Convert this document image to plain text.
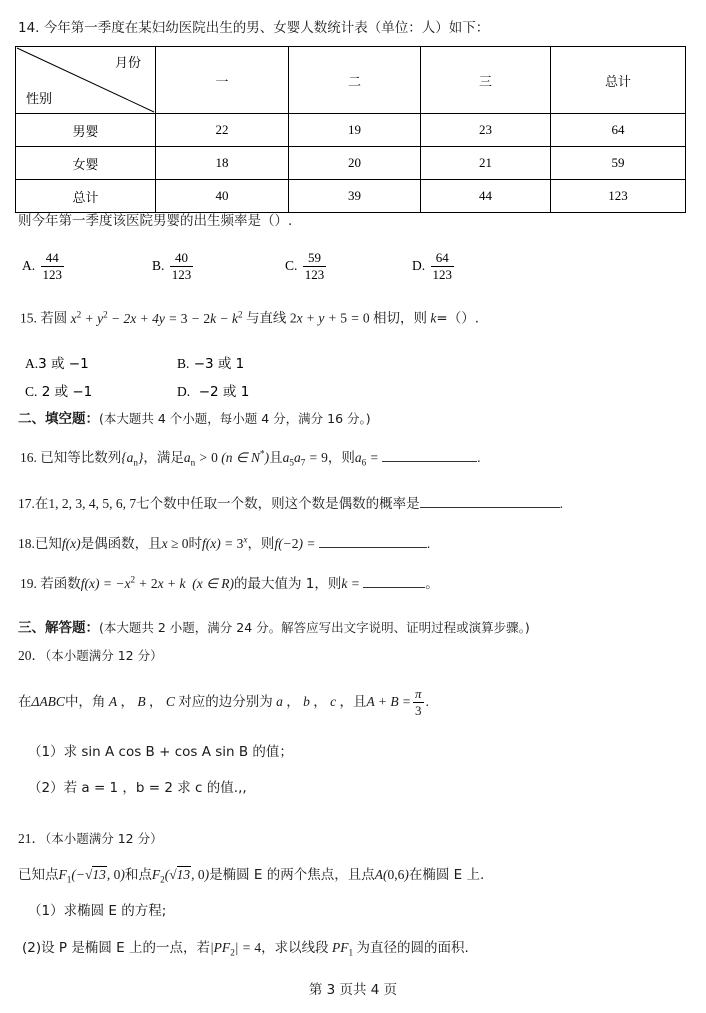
14. 今年第一季度在某妇幼医院出生的男、女婴人数统计表（单位：人）如下：
月份
性别	一	二	三	总计
男婴	22	19	23	64
女婴	18	20	21	59
总计	40	39	44	123
则今年第一季度该医院男婴的出生频率是（）.
A. $\frac{44}{123}$	B. $\frac{40}{123}$	C. $\frac{59}{123}$	D. $\frac{64}{123}$
15. 若圆 $x^2 + y^2 - 2x + 4y = 3 - 2k - k^2$ 与直线 2x + y + 5 = 0 相切，则 k=（）.
A.3 或 −1	B. −3 或 1
C. 2 或 −1	D. −2 或 1
二、填空题：(本大题共 4 个小题，每小题 4 分，满分 16 分。)
16. 已知等比数列$\{a_n\}$，满足$a_n > 0$ (n ∈ N*)且$a_5a_7 = 9$，则$a_6$ =	.
17.在1, 2, 3, 4, 5, 6, 7七个数中任取一个数，则这个数是偶数的概率是	.
18.已知f(x)是偶函数，且x ≥ 0时$f(x) = 3^x$，则f(−2) =	.
19. 若函数$f(x) = -x^2 + 2x + k$ (x ∈ R)的最大值为 1，则k =	。
三、解答题：(本大题共 2 小题，满分 24 分。解答应写出文字说明、证明过程或演算步骤。)
20．（本小题满分 12 分）
在ΔABC中，角 A ， B ， C 对应的边分别为 a ， b ， c ，且$A + B = \frac{\pi}{3}$ .
（1）求 sin A cos B + cos A sin B 的值；
（2）若 a = 1 ，b = 2 求 c 的值.,,
21．（本小题满分 12 分）
已知点$F_1(-√13$, 0)和点$F_2(√13$, 0)是椭圆 E 的两个焦点，且点A(0,6)在椭圆 E 上.
（1）求椭圆 E 的方程;
(2)设 P 是椭圆 E 上的一点，若$|PF_2| = 4$，求以线段 $PF_1$ 为直径的圆的面积.
第 3 页共 4 页
